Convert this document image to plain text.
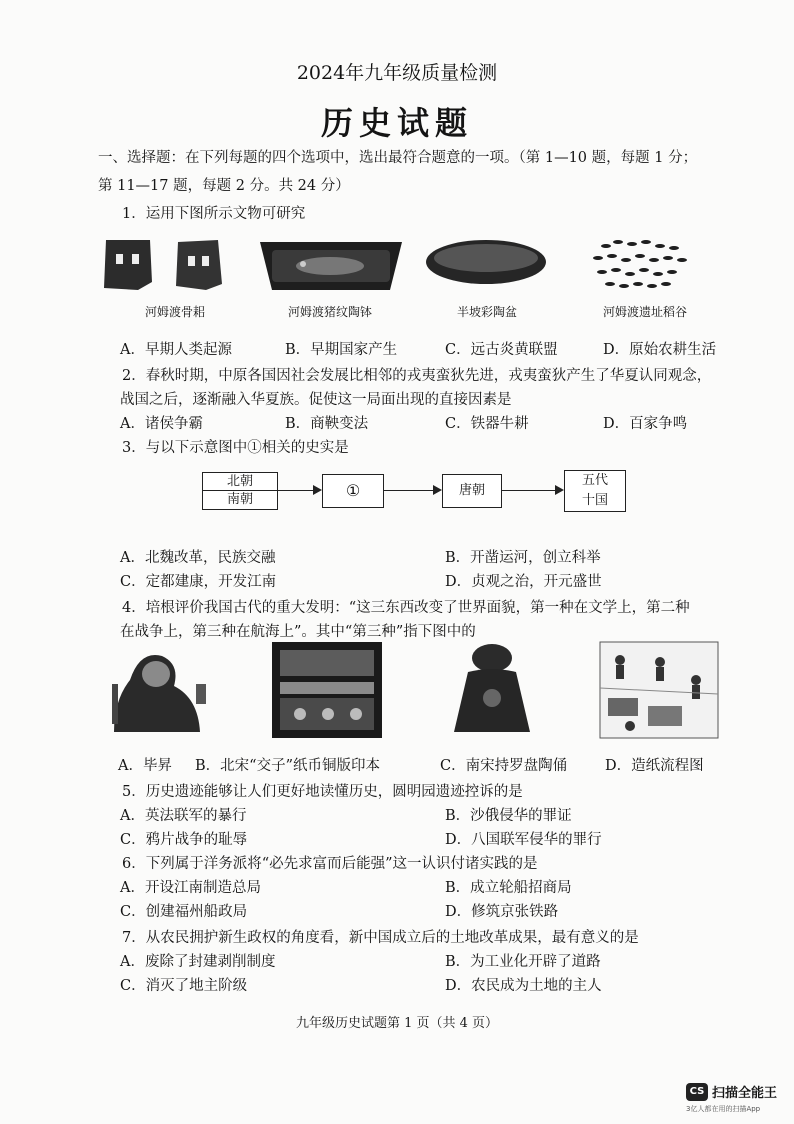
2024年九年级质量检测
历史试题
一、选择题：在下列每题的四个选项中，选出最符合题意的一项。（第 1—10 题，每题 1 分；
第 11—17 题，每题 2 分。共 24 分）
1．运用下图所示文物可研究
河姆渡骨耜	河姆渡猪纹陶钵	半坡彩陶盆	河姆渡遗址稻谷
A．早期人类起源	B．早期国家产生	C．远古炎黄联盟	D．原始农耕生活
2．春秋时期，中原各国因社会发展比相邻的戎夷蛮狄先进，戎夷蛮狄产生了华夏认同观念，
战国之后，逐渐融入华夏族。促使这一局面出现的直接因素是
A．诸侯争霸	B．商鞅变法	C．铁器牛耕	D．百家争鸣
3．与以下示意图中①相关的史实是
北朝
南朝	①	唐朝
五代
十国
A．北魏改革，民族交融	B．开凿运河，创立科举
C．定都建康，开发江南	D．贞观之治，开元盛世
4．培根评价我国古代的重大发明：“这三东西改变了世界面貌，第一种在文学上，第二种
在战争上，第三种在航海上”。其中“第三种”指下图中的
A．毕昇 B．北宋“交子”纸币铜版印本	C．南宋持罗盘陶俑	D．造纸流程图
5．历史遗迹能够让人们更好地读懂历史，圆明园遗迹控诉的是
A．英法联军的暴行	B．沙俄侵华的罪证
C．鸦片战争的耻辱	D．八国联军侵华的罪行
6．下列属于洋务派将“必先求富而后能强”这一认识付诸实践的是
A．开设江南制造总局	B．成立轮船招商局
C．创建福州船政局	D．修筑京张铁路
7．从农民拥护新生政权的角度看，新中国成立后的土地改革成果，最有意义的是
A．废除了封建剥削制度	B．为工业化开辟了道路
C．消灭了地主阶级	D．农民成为土地的主人
九年级历史试题第 1 页（共 4 页）
CS 扫描全能王
3亿人都在用的扫描App
